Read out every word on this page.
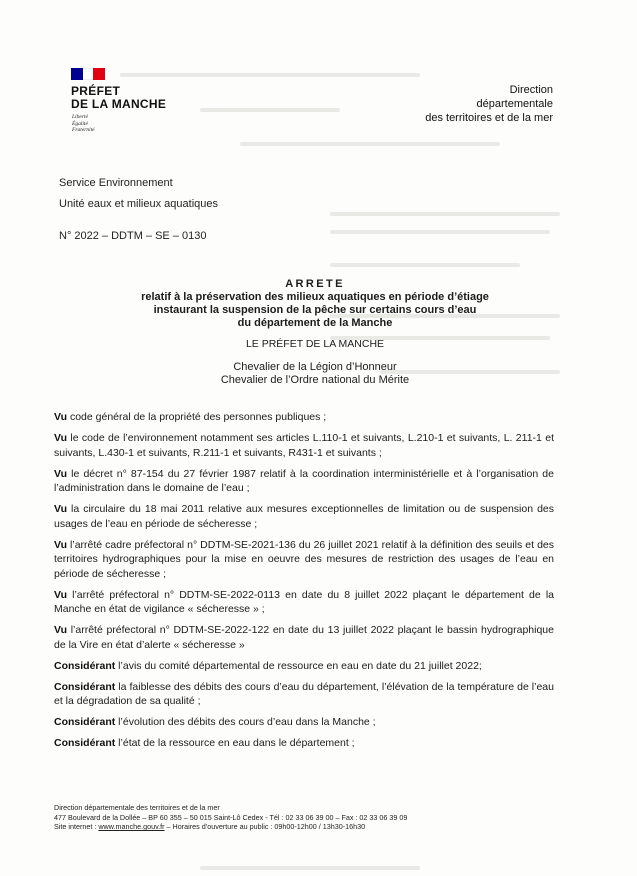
PRÉFET
DE LA MANCHE
Liberté
Égalité
Fraternité
Direction
départementale
des territoires et de la mer
Service Environnement
Unité eaux et milieux aquatiques
N° 2022 – DDTM – SE – 0130
ARRETE
relatif à la préservation des milieux aquatiques en période d’étiage
instaurant la suspension de la pêche sur certains cours d’eau
du département de la Manche
LE PRÉFET DE LA MANCHE
Chevalier de la Légion d’Honneur
Chevalier de l’Ordre national du Mérite

Vu code général de la propriété des personnes publiques ;

Vu le code de l’environnement notamment ses articles L.110-1 et suivants, L.210-1 et suivants, L. 211-1 et suivants, L.430-1 et suivants, R.211-1 et suivants, R431-1 et suivants ;

Vu le décret n° 87-154 du 27 février 1987 relatif à la coordination interministérielle et à l’organisation de l’administration dans le domaine de l’eau ;

Vu la circulaire du 18 mai 2011 relative aux mesures exceptionnelles de limitation ou de suspension des usages de l’eau en période de sécheresse ;

Vu l’arrêté cadre préfectoral n° DDTM-SE-2021-136 du 26 juillet 2021 relatif à la définition des seuils et des territoires hydrographiques pour la mise en oeuvre des mesures de restriction des usages de l’eau en période de sécheresse ;

Vu l’arrêté préfectoral n° DDTM-SE-2022-0113 en date du 8 juillet 2022 plaçant le département de la Manche en état de vigilance « sécheresse » ;

Vu l’arrêté préfectoral n° DDTM-SE-2022-122 en date du 13 juillet 2022 plaçant le bassin hydrographique de la Vire en état d’alerte « sécheresse »

Considérant l’avis du comité départemental de ressource en eau en date du 21 juillet 2022;

Considérant la faiblesse des débits des cours d’eau du département, l’élévation de la température de l’eau et la dégradation de sa qualité ;

Considérant l’évolution des débits des cours d’eau dans la Manche ;

Considérant l’état de la ressource en eau dans le département ;

Direction départementale des territoires et de la mer
477 Boulevard de la Dollée – BP 60 355 – 50 015 Saint-Lô Cedex - Tél : 02 33 06 39 00 – Fax : 02 33 06 39 09
Site internet : www.manche.gouv.fr – Horaires d’ouverture au public : 09h00-12h00 / 13h30-16h30
